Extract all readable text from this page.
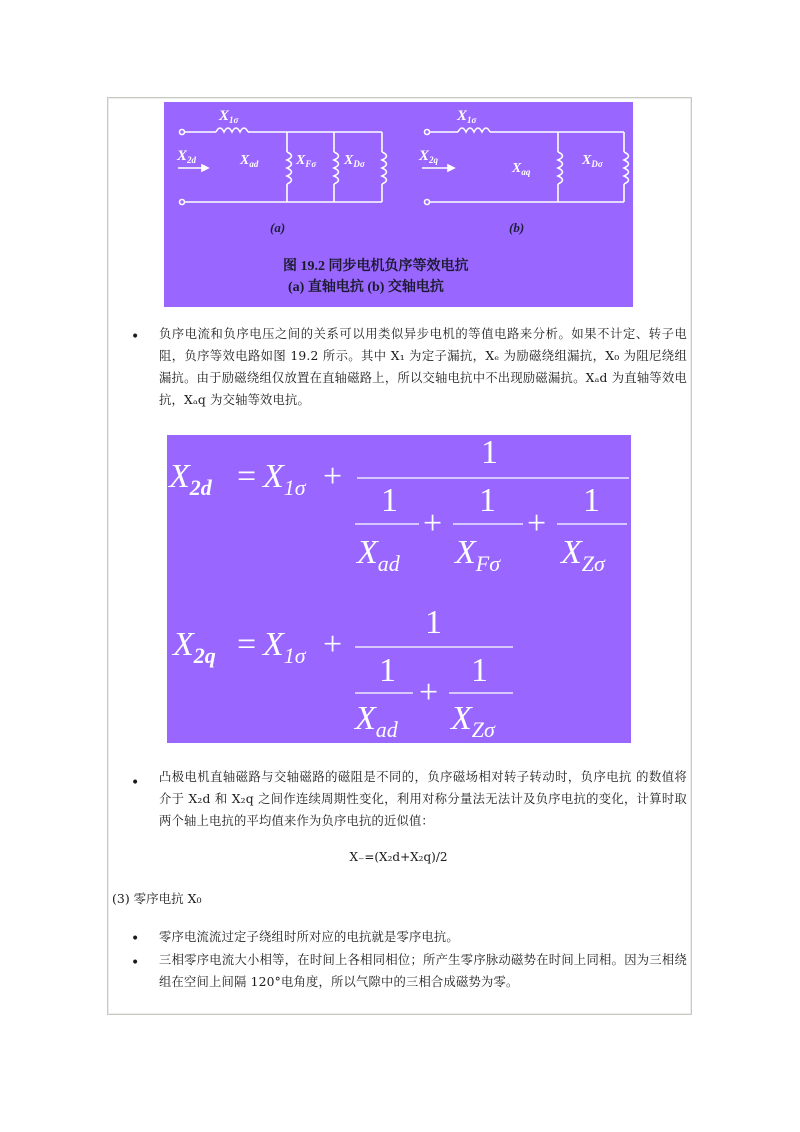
$X_{1\sigma}$
$X_{2d}$	$X_{ad}$	$X_{F\sigma}$ $X_{D\sigma}$
$X_{1\sigma}$
$X_{2q}$
$X_{aq}$
$X_{D\sigma}$
(a)	(b)
图 19.2 同步电机负序等效电抗
(a) 直轴电抗 (b) 交轴电抗
• 负序电流和负序电压之间的关系可以用类似异步电机的等值电路来分析。如果不计定、转子电阻，负序等效电路如图 19.2 所示。其中 X₁ 为定子漏抗，Xₑ 为励磁绕组漏抗，X₀ 为阻尼绕组漏抗。由于励磁绕组仅放置在直轴磁路上，所以交轴电抗中不出现励磁漏抗。Xₐd 为直轴等效电抗，Xₐq 为交轴等效电抗。
$X_{2d} = X_{1\sigma}$ +
1
1
$X_{ad}$
+
1
$X_{F\sigma}$
+
1
$X_{Z\sigma}$
$X_{2q} = X_{1\sigma}$ +
1
1
$X_{ad}$
+
1
$X_{Z\sigma}$
• 凸极电机直轴磁路与交轴磁路的磁阻是不同的，负序磁场相对转子转动时，负序电抗 的数值将介于 X₂d 和 X₂q 之间作连续周期性变化，利用对称分量法无法计及负序电抗的变化，计算时取两个轴上电抗的平均值来作为负序电抗的近似值：
X₋=(X₂d+X₂q)/2
(3) 零序电抗 X₀
• 零序电流流过定子绕组时所对应的电抗就是零序电抗。
• 三相零序电流大小相等，在时间上各相同相位；所产生零序脉动磁势在时间上同相。因为三相绕组在空间上间隔 120°电角度，所以气隙中的三相合成磁势为零。
